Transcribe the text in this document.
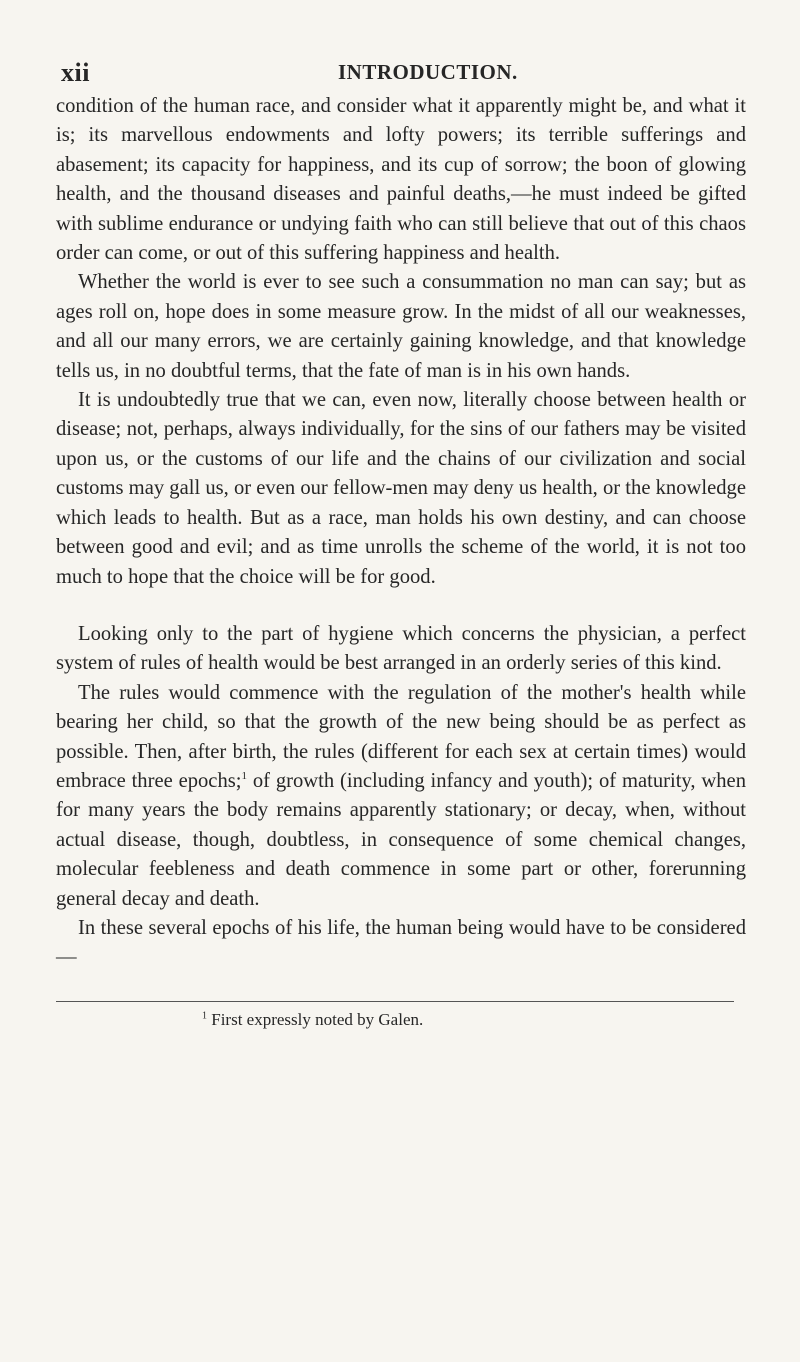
xii	INTRODUCTION.

condition of the human race, and consider what it apparently might be, and what it is; its marvellous endowments and lofty powers; its terrible sufferings and abasement; its capacity for happiness, and its cup of sorrow; the boon of glowing health, and the thousand diseases and painful deaths,—he must indeed be gifted with sublime endurance or undying faith who can still believe that out of this chaos order can come, or out of this suffering happiness and health.

Whether the world is ever to see such a consummation no man can say; but as ages roll on, hope does in some measure grow. In the midst of all our weaknesses, and all our many errors, we are certainly gaining knowledge, and that knowledge tells us, in no doubtful terms, that the fate of man is in his own hands.

It is undoubtedly true that we can, even now, literally choose between health or disease; not, perhaps, always individually, for the sins of our fathers may be visited upon us, or the customs of our life and the chains of our civilization and social customs may gall us, or even our fellow-men may deny us health, or the knowledge which leads to health. But as a race, man holds his own destiny, and can choose between good and evil; and as time unrolls the scheme of the world, it is not too much to hope that the choice will be for good.

Looking only to the part of hygiene which concerns the physician, a perfect system of rules of health would be best arranged in an orderly series of this kind.

The rules would commence with the regulation of the mother's health while bearing her child, so that the growth of the new being should be as perfect as possible. Then, after birth, the rules (different for each sex at certain times) would embrace three epochs;$^1$ of growth (including infancy and youth); of maturity, when for many years the body remains apparently stationary; or decay, when, without actual disease, though, doubtless, in consequence of some chemical changes, molecular feebleness and death commence in some part or other, forerunning general decay and death.

In these several epochs of his life, the human being would have to be considered—

$^1$ First expressly noted by Galen.
